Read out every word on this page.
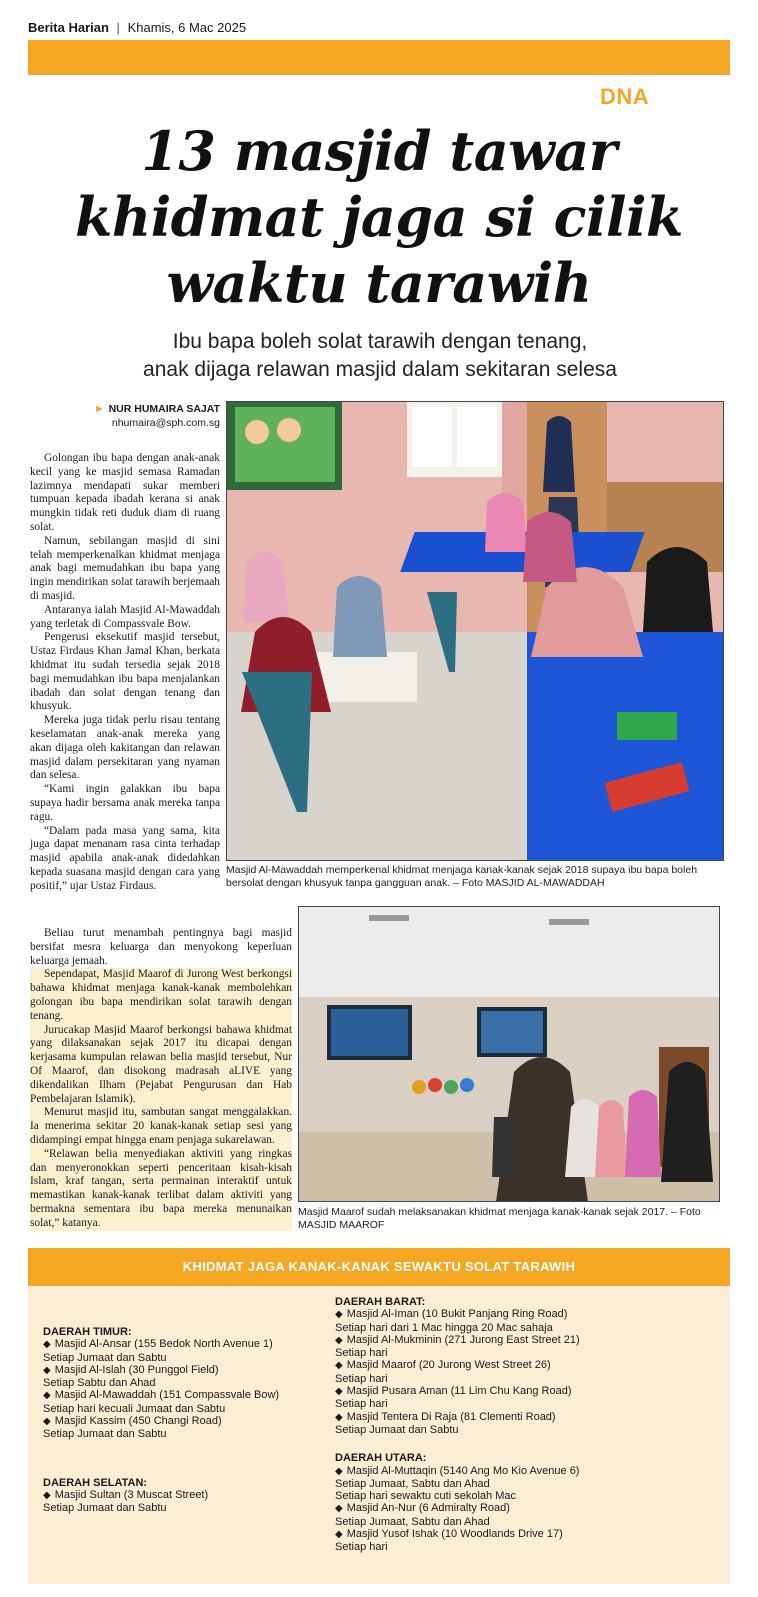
Berita Harian | Khamis, 6 Mac 2025
DNA
13 masjid tawar khidmat jaga si cilik waktu tarawih
Ibu bapa boleh solat tarawih dengan tenang,
anak dijaga relawan masjid dalam sekitaran selesa
► NUR HUMAIRA SAJAT
nhumaira@sph.com.sg

Golongan ibu bapa dengan anak-anak kecil yang ke masjid semasa Ramadan lazimnya mendapati sukar memberi tumpuan kepada ibadah kerana si anak mungkin tidak reti duduk diam di ruang solat.

Namun, sebilangan masjid di sini telah memperkenalkan khidmat menjaga anak bagi memudahkan ibu bapa yang ingin mendirikan solat tarawih berjemaah di masjid.

Antaranya ialah Masjid Al-Mawaddah yang terletak di Compassvale Bow.

Pengerusi eksekutif masjid tersebut, Ustaz Firdaus Khan Jamal Khan, berkata khidmat itu sudah tersedia sejak 2018 bagi memudahkan ibu bapa menjalankan ibadah dan solat dengan tenang dan khusyuk.

Mereka juga tidak perlu risau tentang keselamatan anak-anak mereka yang akan dijaga oleh kakitangan dan relawan masjid dalam persekitaran yang nyaman dan selesa.

“Kami ingin galakkan ibu bapa supaya hadir bersama anak mereka tanpa ragu.

“Dalam pada masa yang sama, kita juga dapat menanam rasa cinta terhadap masjid apabila anak-anak didedahkan kepada suasana masjid dengan cara yang positif,” ujar Ustaz Firdaus.

Beliau turut menambah pentingnya bagi masjid bersifat mesra keluarga dan menyokong keperluan keluarga jemaah.

Sependapat, Masjid Maarof di Jurong West berkongsi bahawa khidmat menjaga kanak-kanak membolehkan golongan ibu bapa mendirikan solat tarawih dengan tenang.

Jurucakap Masjid Maarof berkongsi bahawa khidmat yang dilaksanakan sejak 2017 itu dicapai dengan kerjasama kumpulan relawan belia masjid tersebut, Nur Of Maarof, dan disokong madrasah aLIVE yang dikendalikan Ilham (Pejabat Pengurusan dan Hab Pembelajaran Islamik).

Menurut masjid itu, sambutan sangat menggalakkan. Ia menerima sekitar 20 kanak-kanak setiap sesi yang didampingi empat hingga enam penjaga sukarelawan.

“Relawan belia menyediakan aktiviti yang ringkas dan menyeronokkan seperti penceritaan kisah-kisah Islam, kraf tangan, serta permainan interaktif untuk memastikan kanak-kanak terlibat dalam aktiviti yang bermakna sementara ibu bapa mereka menunaikan solat,” katanya.

Masjid Al-Mawaddah memperkenal khidmat menjaga kanak-kanak sejak 2018 supaya ibu bapa boleh bersolat dengan khusyuk tanpa gangguan anak. – Foto MASJID AL-MAWADDAH
Masjid Maarof sudah melaksanakan khidmat menjaga kanak-kanak sejak 2017. – Foto MASJID MAAROF
KHIDMAT JAGA KANAK-KANAK SEWAKTU SOLAT TARAWIH
DAERAH TIMUR:
◆ Masjid Al-Ansar (155 Bedok North Avenue 1)
Setiap Jumaat dan Sabtu
◆ Masjid Al-Islah (30 Punggol Field)
Setiap Sabtu dan Ahad
◆ Masjid Al-Mawaddah (151 Compassvale Bow)
Setiap hari kecuali Jumaat dan Sabtu
◆ Masjid Kassim (450 Changi Road)
Setiap Jumaat dan Sabtu
DAERAH SELATAN:
◆ Masjid Sultan (3 Muscat Street)
Setiap Jumaat dan Sabtu
DAERAH BARAT:
◆ Masjid Al-Iman (10 Bukit Panjang Ring Road)
Setiap hari dari 1 Mac hingga 20 Mac sahaja
◆ Masjid Al-Mukminin (271 Jurong East Street 21)
Setiap hari
◆ Masjid Maarof (20 Jurong West Street 26)
Setiap hari
◆ Masjid Pusara Aman (11 Lim Chu Kang Road)
Setiap hari
◆ Masjid Tentera Di Raja (81 Clementi Road)
Setiap Jumaat dan Sabtu
DAERAH UTARA:
◆ Masjid Al-Muttaqin (5140 Ang Mo Kio Avenue 6)
Setiap Jumaat, Sabtu dan Ahad
Setiap hari sewaktu cuti sekolah Mac
◆ Masjid An-Nur (6 Admiralty Road)
Setiap Jumaat, Sabtu dan Ahad
◆ Masjid Yusof Ishak (10 Woodlands Drive 17)
Setiap hari
